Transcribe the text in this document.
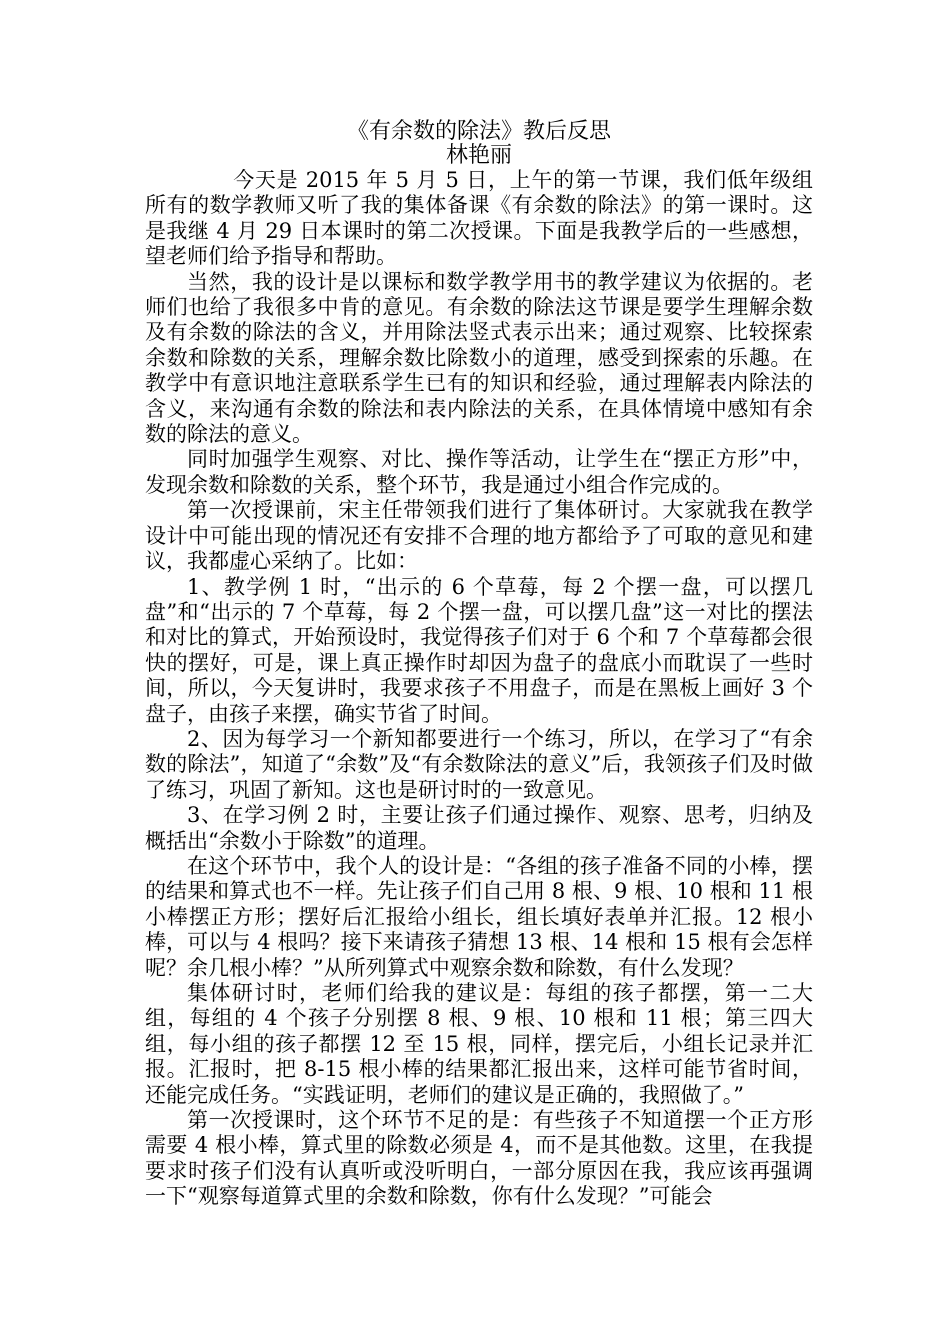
《有余数的除法》教后反思

林艳丽

今天是 2015 年 5 月 5 日，上午的第一节课，我们低年级组所有的数学教师又听了我的集体备课《有余数的除法》的第一课时。这是我继 4 月 29 日本课时的第二次授课。下面是我教学后的一些感想，望老师们给予指导和帮助。

当然，我的设计是以课标和数学教学用书的教学建议为依据的。老师们也给了我很多中肯的意见。有余数的除法这节课是要学生理解余数及有余数的除法的含义，并用除法竖式表示出来；通过观察、比较探索余数和除数的关系，理解余数比除数小的道理，感受到探索的乐趣。在教学中有意识地注意联系学生已有的知识和经验，通过理解表内除法的含义，来沟通有余数的除法和表内除法的关系，在具体情境中感知有余数的除法的意义。

同时加强学生观察、对比、操作等活动，让学生在“摆正方形”中，发现余数和除数的关系，整个环节，我是通过小组合作完成的。

第一次授课前，宋主任带领我们进行了集体研讨。大家就我在教学设计中可能出现的情况还有安排不合理的地方都给予了可取的意见和建议，我都虚心采纳了。比如：

1、教学例 1 时，“出示的 6 个草莓，每 2 个摆一盘，可以摆几盘”和“出示的 7 个草莓，每 2 个摆一盘，可以摆几盘”这一对比的摆法和对比的算式，开始预设时，我觉得孩子们对于 6 个和 7 个草莓都会很快的摆好，可是，课上真正操作时却因为盘子的盘底小而耽误了一些时间，所以，今天复讲时，我要求孩子不用盘子，而是在黑板上画好 3 个盘子，由孩子来摆，确实节省了时间。

2、因为每学习一个新知都要进行一个练习，所以，在学习了“有余数的除法”，知道了“余数”及“有余数除法的意义”后，我领孩子们及时做了练习，巩固了新知。这也是研讨时的一致意见。

3、在学习例 2 时，主要让孩子们通过操作、观察、思考，归纳及概括出“余数小于除数”的道理。

在这个环节中，我个人的设计是：“各组的孩子准备不同的小棒，摆的结果和算式也不一样。先让孩子们自己用 8 根、9 根、10 根和 11 根小棒摆正方形；摆好后汇报给小组长，组长填好表单并汇报。12 根小棒，可以与 4 根吗？接下来请孩子猜想 13 根、14 根和 15 根有会怎样呢？余几根小棒？”从所列算式中观察余数和除数，有什么发现？

集体研讨时，老师们给我的建议是：每组的孩子都摆，第一二大组，每组的 4 个孩子分别摆 8 根、9 根、10 根和 11 根；第三四大组，每小组的孩子都摆 12 至 15 根，同样，摆完后，小组长记录并汇报。汇报时，把 8-15 根小棒的结果都汇报出来，这样可能节省时间，还能完成任务。“实践证明，老师们的建议是正确的，我照做了。”

第一次授课时，这个环节不足的是：有些孩子不知道摆一个正方形需要 4 根小棒，算式里的除数必须是 4，而不是其他数。这里，在我提要求时孩子们没有认真听或没听明白，一部分原因在我，我应该再强调一下“观察每道算式里的余数和除数，你有什么发现？”可能会
